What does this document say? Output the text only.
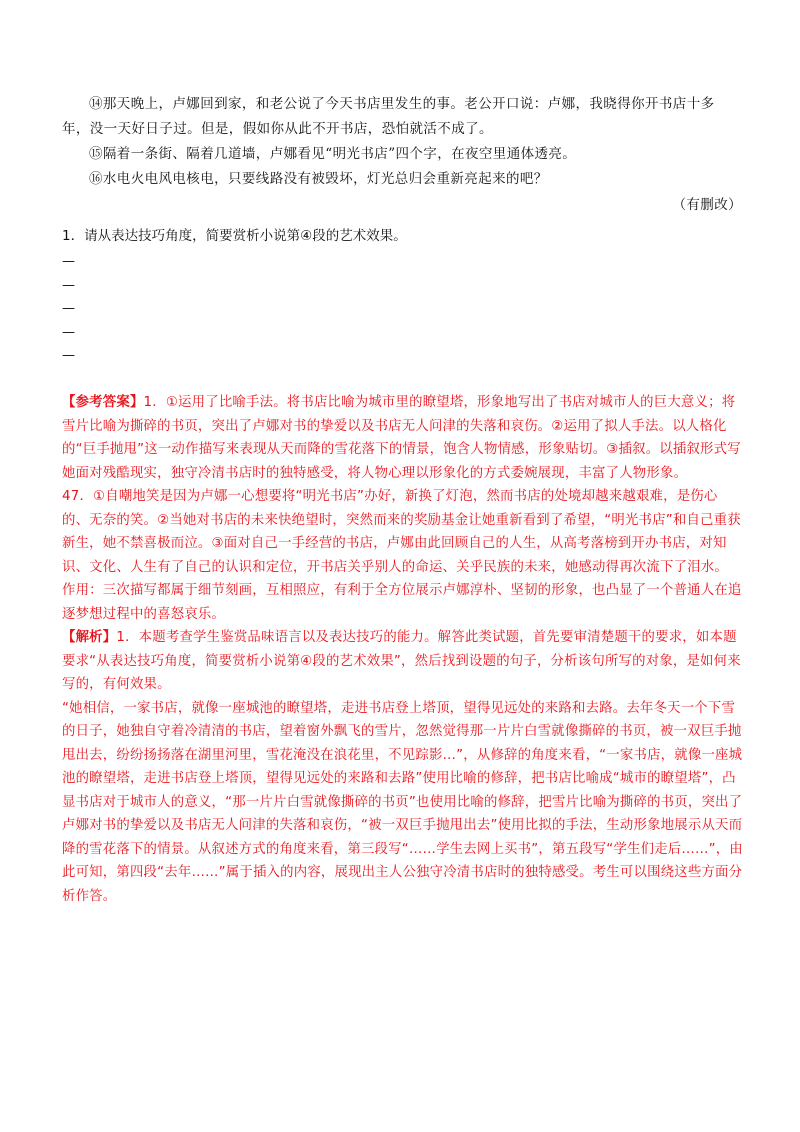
⑭那天晚上，卢娜回到家，和老公说了今天书店里发生的事。老公开口说：卢娜，我晓得你开书店十多年，没一天好日子过。但是，假如你从此不开书店，恐怕就活不成了。

⑮隔着一条街、隔着几道墙，卢娜看见“明光书店”四个字，在夜空里通体透亮。

⑯水电火电风电核电，只要线路没有被毁坏，灯光总归会重新亮起来的吧？

（有删改）
1．请从表达技巧角度，简要赏析小说第④段的艺术效果。
—
—
—
—
—

【参考答案】1．①运用了比喻手法。将书店比喻为城市里的瞭望塔，形象地写出了书店对城市人的巨大意义；将雪片比喻为撕碎的书页，突出了卢娜对书的挚爱以及书店无人问津的失落和哀伤。②运用了拟人手法。以人格化的“巨手抛甩”这一动作描写来表现从天而降的雪花落下的情景，饱含人物情感，形象贴切。③插叙。以插叙形式写她面对残酷现实，独守冷清书店时的独特感受，将人物心理以形象化的方式委婉展现，丰富了人物形象。47．①自嘲地笑是因为卢娜一心想要将“明光书店”办好，新换了灯泡，然而书店的处境却越来越艰难，是伤心的、无奈的笑。②当她对书店的未来快绝望时，突然而来的奖励基金让她重新看到了希望，“明光书店”和自己重获新生，她不禁喜极而泣。③面对自己一手经营的书店，卢娜由此回顾自己的人生，从高考落榜到开办书店，对知识、文化、人生有了自己的认识和定位，开书店关乎别人的命运、关乎民族的未来，她感动得再次流下了泪水。

作用：三次描写都属于细节刻画，互相照应，有利于全方位展示卢娜淳朴、坚韧的形象，也凸显了一个普通人在追逐梦想过程中的喜怒哀乐。

【解析】1．本题考查学生鉴赏品味语言以及表达技巧的能力。解答此类试题，首先要审清楚题干的要求，如本题要求“从表达技巧角度，简要赏析小说第④段的艺术效果”，然后找到设题的句子，分析该句所写的对象，是如何来写的，有何效果。

“她相信，一家书店，就像一座城池的瞭望塔，走进书店登上塔顶，望得见远处的来路和去路。去年冬天一个下雪的日子，她独自守着冷清清的书店，望着窗外飘飞的雪片，忽然觉得那一片片白雪就像撕碎的书页，被一双巨手抛甩出去，纷纷扬扬落在湖里河里，雪花淹没在浪花里，不见踪影…”，从修辞的角度来看，“一家书店，就像一座城池的瞭望塔，走进书店登上塔顶，望得见远处的来路和去路”使用比喻的修辞，把书店比喻成“城市的瞭望塔”，凸显书店对于城市人的意义，“那一片片白雪就像撕碎的书页”也使用比喻的修辞，把雪片比喻为撕碎的书页，突出了卢娜对书的挚爱以及书店无人问津的失落和哀伤，“被一双巨手抛甩出去”使用比拟的手法，生动形象地展示从天而降的雪花落下的情景。从叙述方式的角度来看，第三段写“……学生去网上买书”，第五段写“学生们走后……”，由此可知，第四段“去年……”属于插入的内容，展现出主人公独守冷清书店时的独特感受。考生可以围绕这些方面分析作答。
